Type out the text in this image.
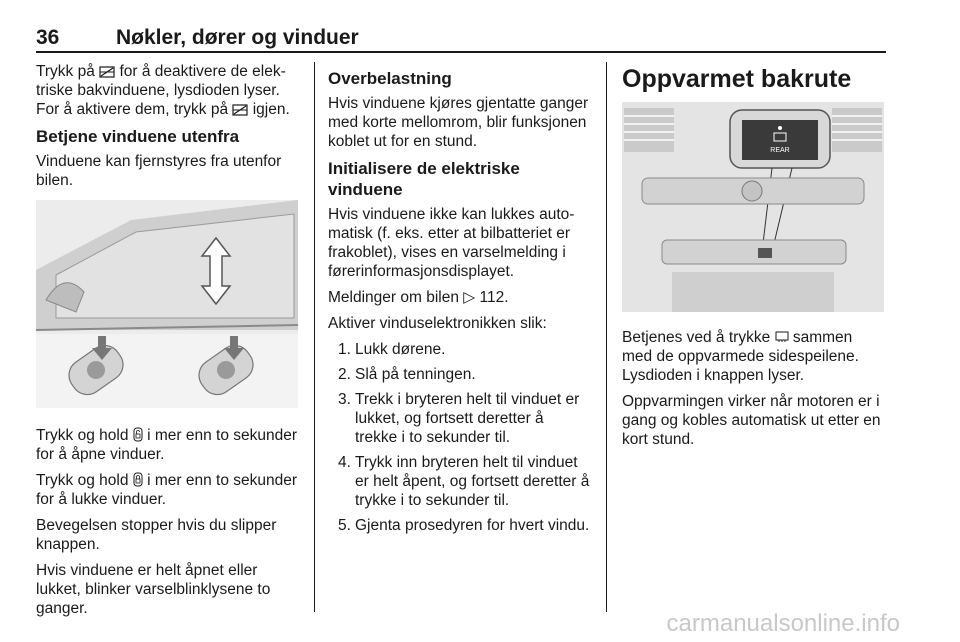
36	Nøkler, dører og vinduer

Trykk på for å deaktivere de elek-triske bakvinduene, lysdioden lyser. For å aktivere dem, trykk på igjen.

Betjene vinduene utenfra

Vinduene kan fjernstyres fra utenfor bilen.

Trykk og hold i mer enn to sekunder for å åpne vinduer.

Trykk og hold i mer enn to sekunder for å lukke vinduer.

Bevegelsen stopper hvis du slipper knappen.

Hvis vinduene er helt åpnet eller lukket, blinker varselblinklysene to ganger.

Overbelastning

Hvis vinduene kjøres gjentatte ganger med korte mellomrom, blir funksjonen koblet ut for en stund.

Initialisere de elektriske vinduene

Hvis vinduene ikke kan lukkes auto-matisk (f. eks. etter at bilbatteriet er frakoblet), vises en varselmelding i førerinformasjonsdisplayet.

Meldinger om bilen ▷ 112.

Aktiver vinduselektronikken slik:

1. Lukk dørene.
2. Slå på tenningen.
3. Trekk i bryteren helt til vinduet er lukket, og fortsett deretter å trekke i to sekunder til.
4. Trykk inn bryteren helt til vinduet er helt åpent, og fortsett deretter å trykke i to sekunder til.
5. Gjenta prosedyren for hvert vindu.
Oppvarmet bakrute
REAR

Betjenes ved å trykke sammen med de oppvarmede sidespeilene. Lysdioden i knappen lyser.

Oppvarmingen virker når motoren er i gang og kobles automatisk ut etter en kort stund.

carmanualsonline.info
